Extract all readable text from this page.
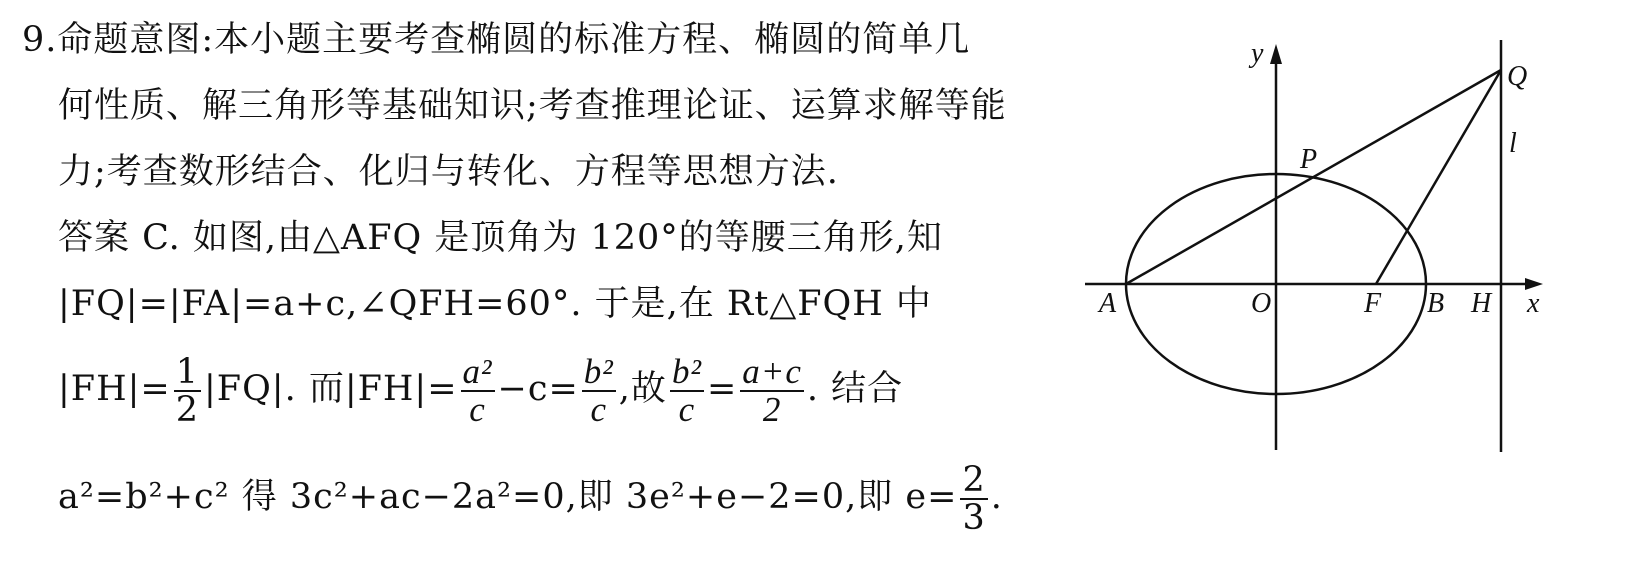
9.命题意图:本小题主要考查椭圆的标准方程、椭圆的简单几
何性质、解三角形等基础知识;考查推理论证、运算求解等能
力;考查数形结合、化归与转化、方程等思想方法.
答案 C. 如图,由△AFQ 是顶角为 120°的等腰三角形,知
|FQ|=|FA|=a+c,∠QFH=60°. 于是,在 Rt△FQH 中
$|FH|= \frac{1}{2} |FQ|$. 而$|FH|= \frac{\text{a²}}{c} -c= \frac{\text{b²}}{c}$ ,故 $\frac{\text{b²}}{c} = \frac{a+c}{2}$ . 结合
a²=b²+c² 得 3c²+ac−2a²=0,即 3e²+e−2=0,即 $e= \frac{2}{3}$ .
y
x
O
A	F B H
P
Q
l
